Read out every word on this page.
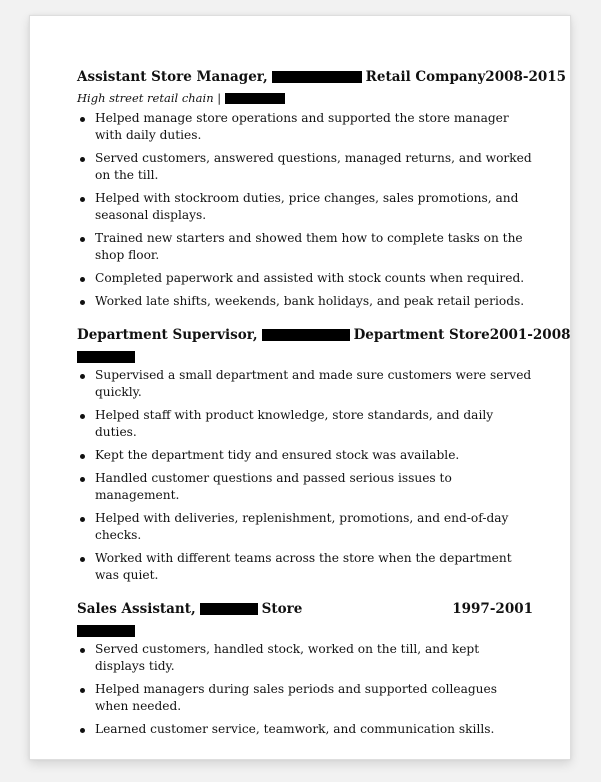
Assistant Store Manager,	Retail Company 2008-2015
High street retail chain |
Helped manage store operations and supported the store manager with daily duties.
Served customers, answered questions, managed returns, and worked on the till.
Helped with stockroom duties, price changes, sales promotions, and seasonal displays.
Trained new starters and showed them how to complete tasks on the shop floor.
Completed paperwork and assisted with stock counts when required.
Worked late shifts, weekends, bank holidays, and peak retail periods.
Department Supervisor,	Department Store 2001-2008
Supervised a small department and made sure customers were served quickly.
Helped staff with product knowledge, store standards, and daily duties.
Kept the department tidy and ensured stock was available.
Handled customer questions and passed serious issues to management.
Helped with deliveries, replenishment, promotions, and end-of-day checks.
Worked with different teams across the store when the department was quiet.
Sales Assistant,	Store	1997-2001
Served customers, handled stock, worked on the till, and kept displays tidy.
Helped managers during sales periods and supported colleagues when needed.
Learned customer service, teamwork, and communication skills.
